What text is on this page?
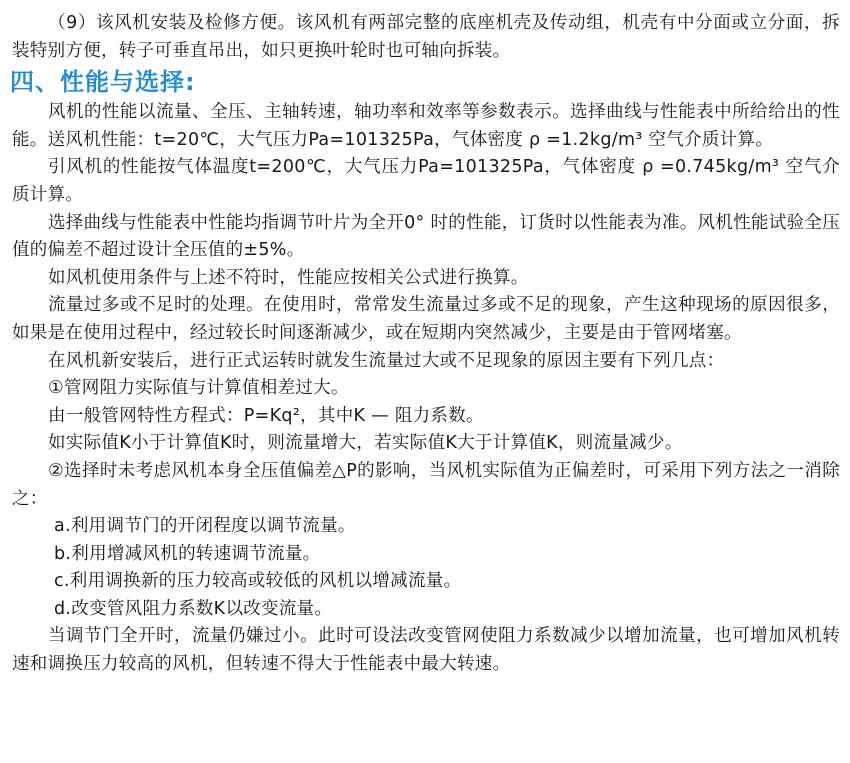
（9）该风机安装及检修方便。该风机有两部完整的底座机壳及传动组，机壳有中分面或立分面，拆装特别方便，转子可垂直吊出，如只更换叶轮时也可轴向拆装。

四、性能与选择:

风机的性能以流量、全压、主轴转速，轴功率和效率等参数表示。选择曲线与性能表中所给给出的性能。送风机性能：t=20℃，大气压力Pa=101325Pa，气体密度 ρ =1.2kg/m³ 空气介质计算。

引风机的性能按气体温度t=200℃，大气压力Pa=101325Pa，气体密度 ρ =0.745kg/m³ 空气介质计算。

选择曲线与性能表中性能均指调节叶片为全开0° 时的性能，订货时以性能表为准。风机性能试验全压值的偏差不超过设计全压值的±5%。

如风机使用条件与上述不符时，性能应按相关公式进行换算。

流量过多或不足时的处理。在使用时，常常发生流量过多或不足的现象，产生这种现场的原因很多，如果是在使用过程中，经过较长时间逐渐减少，或在短期内突然减少，主要是由于管网堵塞。

在风机新安装后，进行正式运转时就发生流量过大或不足现象的原因主要有下列几点：

①管网阻力实际值与计算值相差过大。

由一般管网特性方程式：P=Kq²，其中K — 阻力系数。

如实际值K小于计算值K时，则流量增大，若实际值K大于计算值K，则流量减少。

②选择时未考虑风机本身全压值偏差△P的影响，当风机实际值为正偏差时，可采用下列方法之一消除之：

a.利用调节门的开闭程度以调节流量。

b.利用增减风机的转速调节流量。

c.利用调换新的压力较高或较低的风机以增减流量。

d.改变管风阻力系数K以改变流量。

当调节门全开时，流量仍嫌过小。此时可设法改变管网使阻力系数减少以增加流量，也可增加风机转速和调换压力较高的风机，但转速不得大于性能表中最大转速。
